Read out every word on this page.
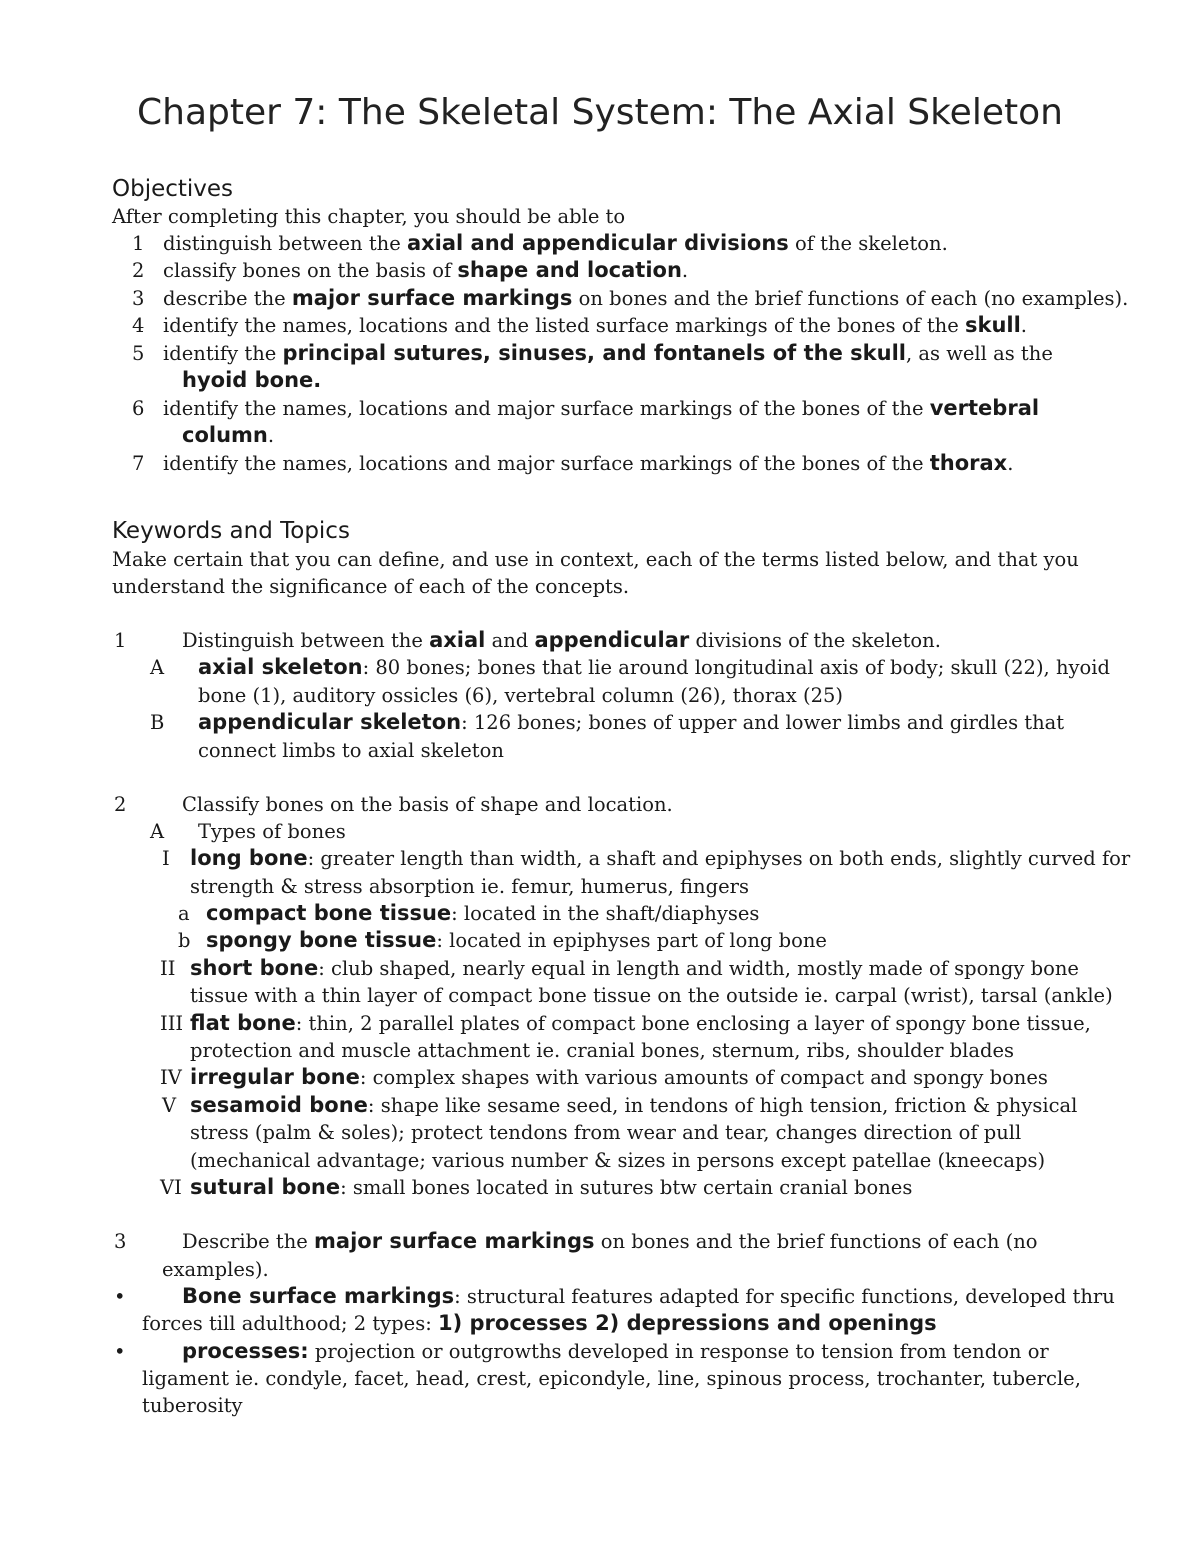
Chapter 7: The Skeletal System: The Axial Skeleton
Objectives
After completing this chapter, you should be able to
1 distinguish between the axial and appendicular divisions of the skeleton.
2 classify bones on the basis of shape and location.
3 describe the major surface markings on bones and the brief functions of each (no examples).
4 identify the names, locations and the listed surface markings of the bones of the skull.
5 identify the principal sutures, sinuses, and fontanels of the skull, as well as the
hyoid bone.
6 identify the names, locations and major surface markings of the bones of the vertebral
column.
7 identify the names, locations and major surface markings of the bones of the thorax.
Keywords and Topics
Make certain that you can define, and use in context, each of the terms listed below, and that you
understand the significance of each of the concepts.
1	Distinguish between the axial and appendicular divisions of the skeleton.
A axial skeleton: 80 bones; bones that lie around longitudinal axis of body; skull (22), hyoid
bone (1), auditory ossicles (6), vertebral column (26), thorax (25)
B appendicular skeleton: 126 bones; bones of upper and lower limbs and girdles that
connect limbs to axial skeleton
2	Classify bones on the basis of shape and location.
A Types of bones
I long bone: greater length than width, a shaft and epiphyses on both ends, slightly curved for
strength & stress absorption ie. femur, humerus, fingers
a compact bone tissue: located in the shaft/diaphyses
b spongy bone tissue: located in epiphyses part of long bone
II short bone: club shaped, nearly equal in length and width, mostly made of spongy bone
tissue with a thin layer of compact bone tissue on the outside ie. carpal (wrist), tarsal (ankle)
III flat bone: thin, 2 parallel plates of compact bone enclosing a layer of spongy bone tissue,
protection and muscle attachment ie. cranial bones, sternum, ribs, shoulder blades
IV irregular bone: complex shapes with various amounts of compact and spongy bones
V sesamoid bone: shape like sesame seed, in tendons of high tension, friction & physical
stress (palm & soles); protect tendons from wear and tear, changes direction of pull
(mechanical advantage; various number & sizes in persons except patellae (kneecaps)
VI sutural bone: small bones located in sutures btw certain cranial bones
3	Describe the major surface markings on bones and the brief functions of each (no
examples).
•	Bone surface markings: structural features adapted for specific functions, developed thru
forces till adulthood; 2 types: 1) processes 2) depressions and openings
•	processes: projection or outgrowths developed in response to tension from tendon or
ligament ie. condyle, facet, head, crest, epicondyle, line, spinous process, trochanter, tubercle,
tuberosity
